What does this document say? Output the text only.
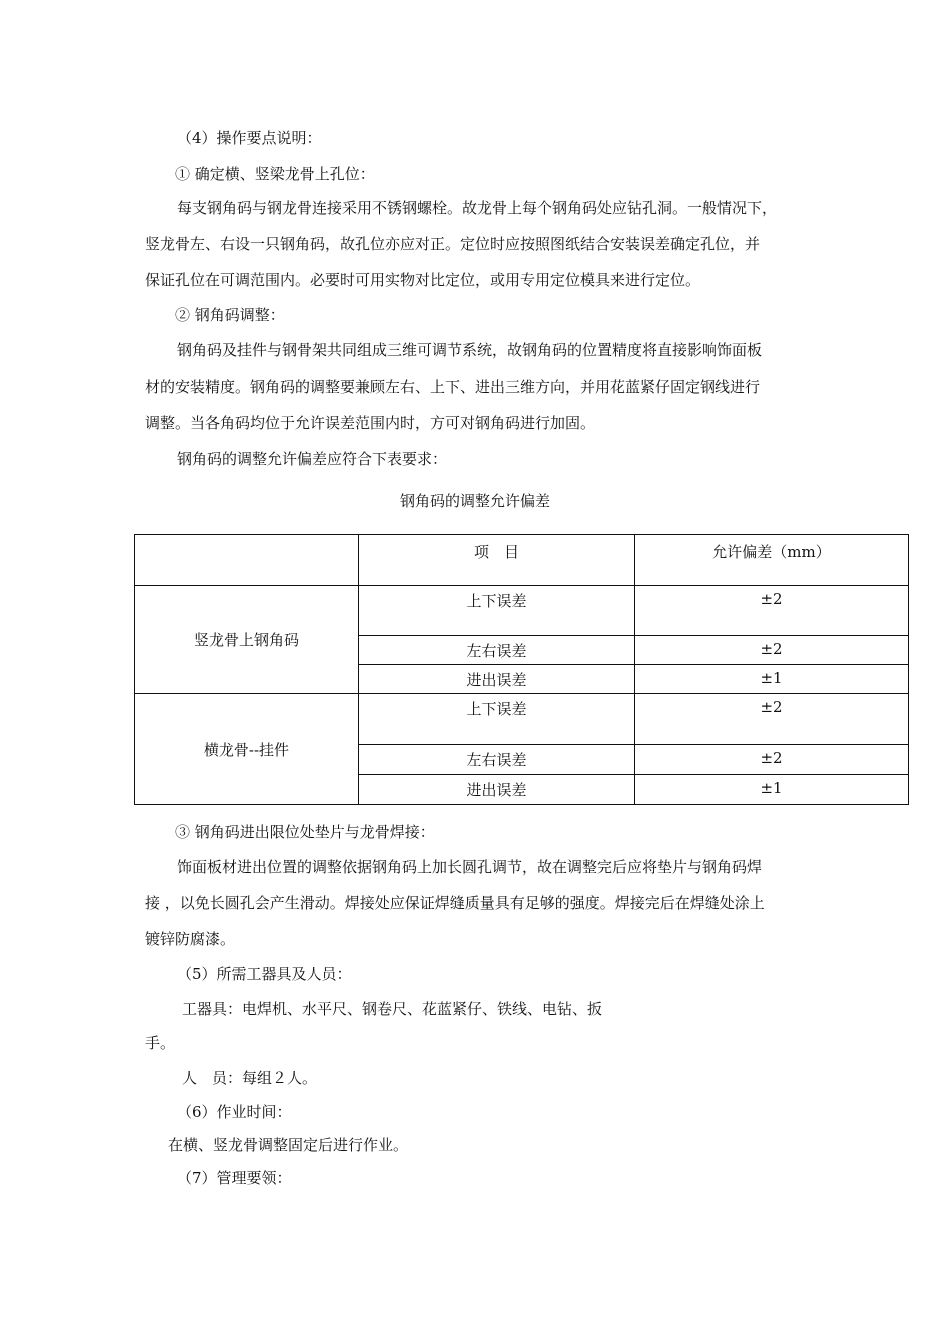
（4）操作要点说明：
① 确定横、竖梁龙骨上孔位：
每支钢角码与钢龙骨连接采用不锈钢螺栓。故龙骨上每个钢角码处应钻孔洞。一般情况下，
竖龙骨左、右设一只钢角码，故孔位亦应对正。定位时应按照图纸结合安装误差确定孔位，并
保证孔位在可调范围内。必要时可用实物对比定位，或用专用定位模具来进行定位。
② 钢角码调整：
钢角码及挂件与钢骨架共同组成三维可调节系统，故钢角码的位置精度将直接影响饰面板
材的安装精度。钢角码的调整要兼顾左右、上下、进出三维方向，并用花蓝紧仔固定钢线进行
调整。当各角码均位于允许误差范围内时，方可对钢角码进行加固。
钢角码的调整允许偏差应符合下表要求：
钢角码的调整允许偏差
	项　目	允许偏差（mm）
竖龙骨上钢角码	上下误差	±2
	左右误差	±2
	进出误差	±1
横龙骨--挂件	上下误差	±2
	左右误差	±2
	进出误差	±1
③ 钢角码进出限位处垫片与龙骨焊接：
饰面板材进出位置的调整依据钢角码上加长圆孔调节，故在调整完后应将垫片与钢角码焊
接 ，以免长圆孔会产生滑动。焊接处应保证焊缝质量具有足够的强度。焊接完后在焊缝处涂上
镀锌防腐漆。
（5）所需工器具及人员：
工器具：电焊机、水平尺、钢卷尺、花蓝紧仔、铁线、电钻、扳
手。
人　员：每组２人。
（6）作业时间：
在横、竖龙骨调整固定后进行作业。
（7）管理要领：
